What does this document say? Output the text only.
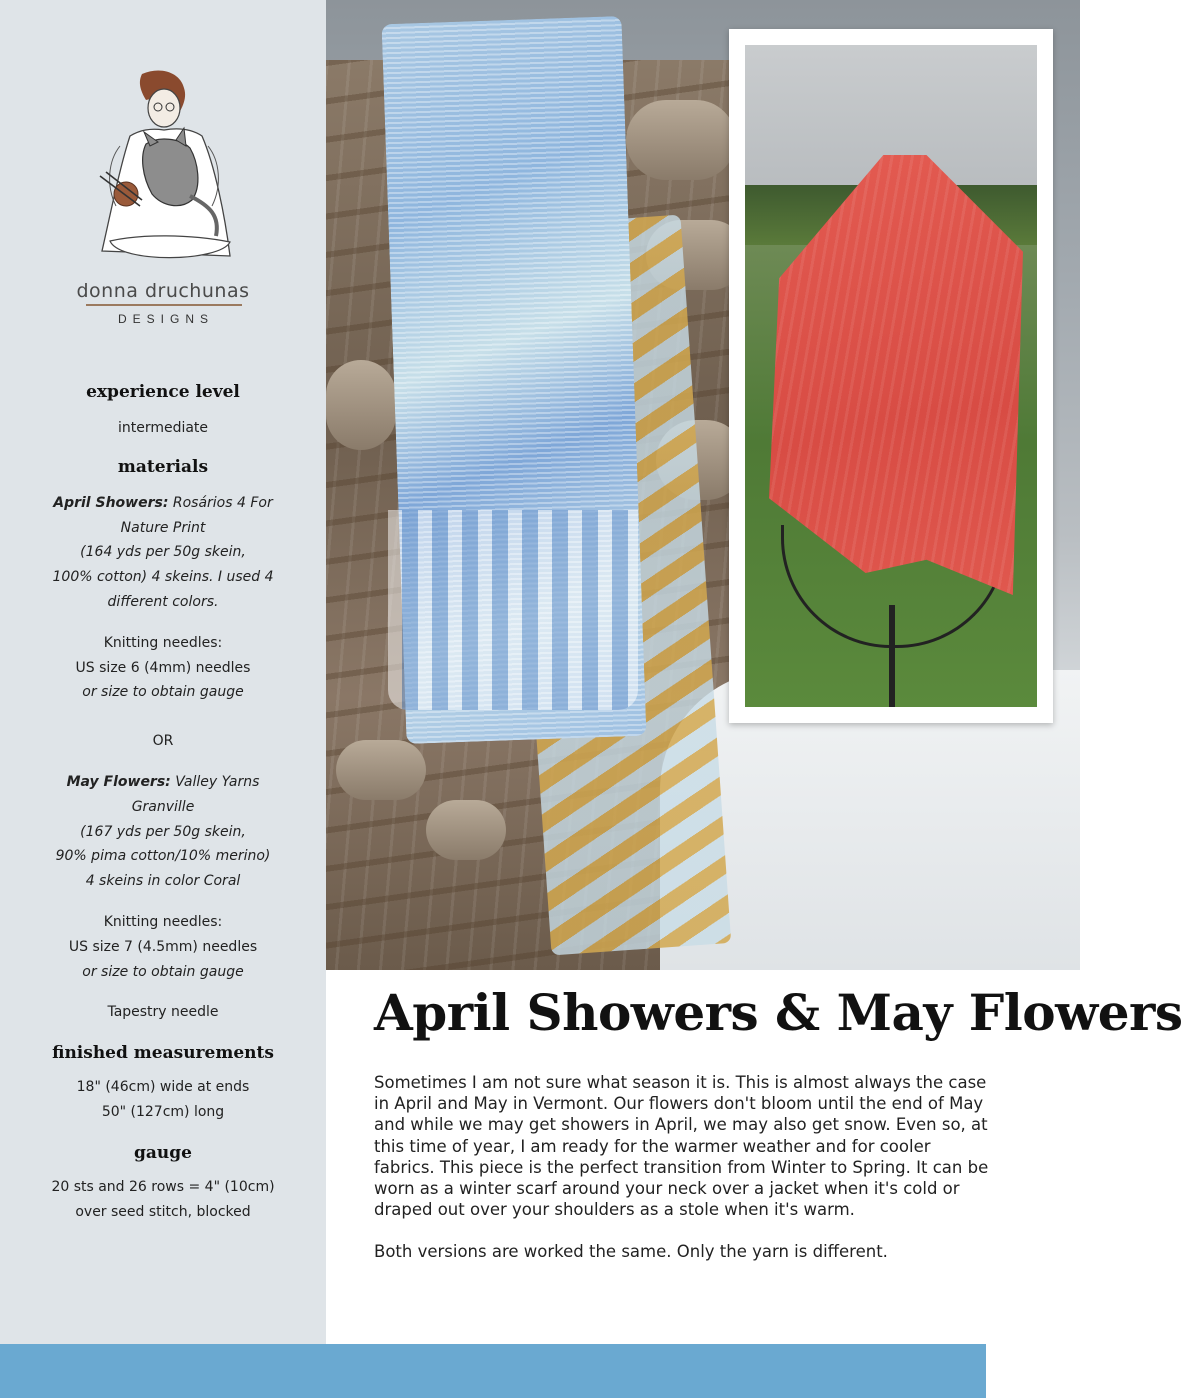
donna druchunas
DESIGNS
experience level

intermediate

materials

April Showers: Rosários 4 For

Nature Print

(164 yds per 50g skein,

100% cotton) 4 skeins. I used 4

different colors.

Knitting needles:

US size 6 (4mm) needles

or size to obtain gauge

OR

May Flowers: Valley Yarns

Granville

(167 yds per 50g skein,

90% pima cotton/10% merino)

4 skeins in color Coral

Knitting needles:

US size 7 (4.5mm) needles

or size to obtain gauge

Tapestry needle

finished measurements

18" (46cm) wide at ends

50" (127cm) long

gauge

20 sts and 26 rows = 4" (10cm)

over seed stitch, blocked

April Showers & May Flowers

Sometimes I am not sure what season it is. This is almost always the case in April and May in Vermont. Our flowers don't bloom until the end of May and while we may get showers in April, we may also get snow. Even so, at this time of year, I am ready for the warmer weather and for cooler fabrics. This piece is the perfect transition from Winter to Spring. It can be worn as a winter scarf around your neck over a jacket when it's cold or draped out over your shoulders as a stole when it's warm.

Both versions are worked the same. Only the yarn is different.
